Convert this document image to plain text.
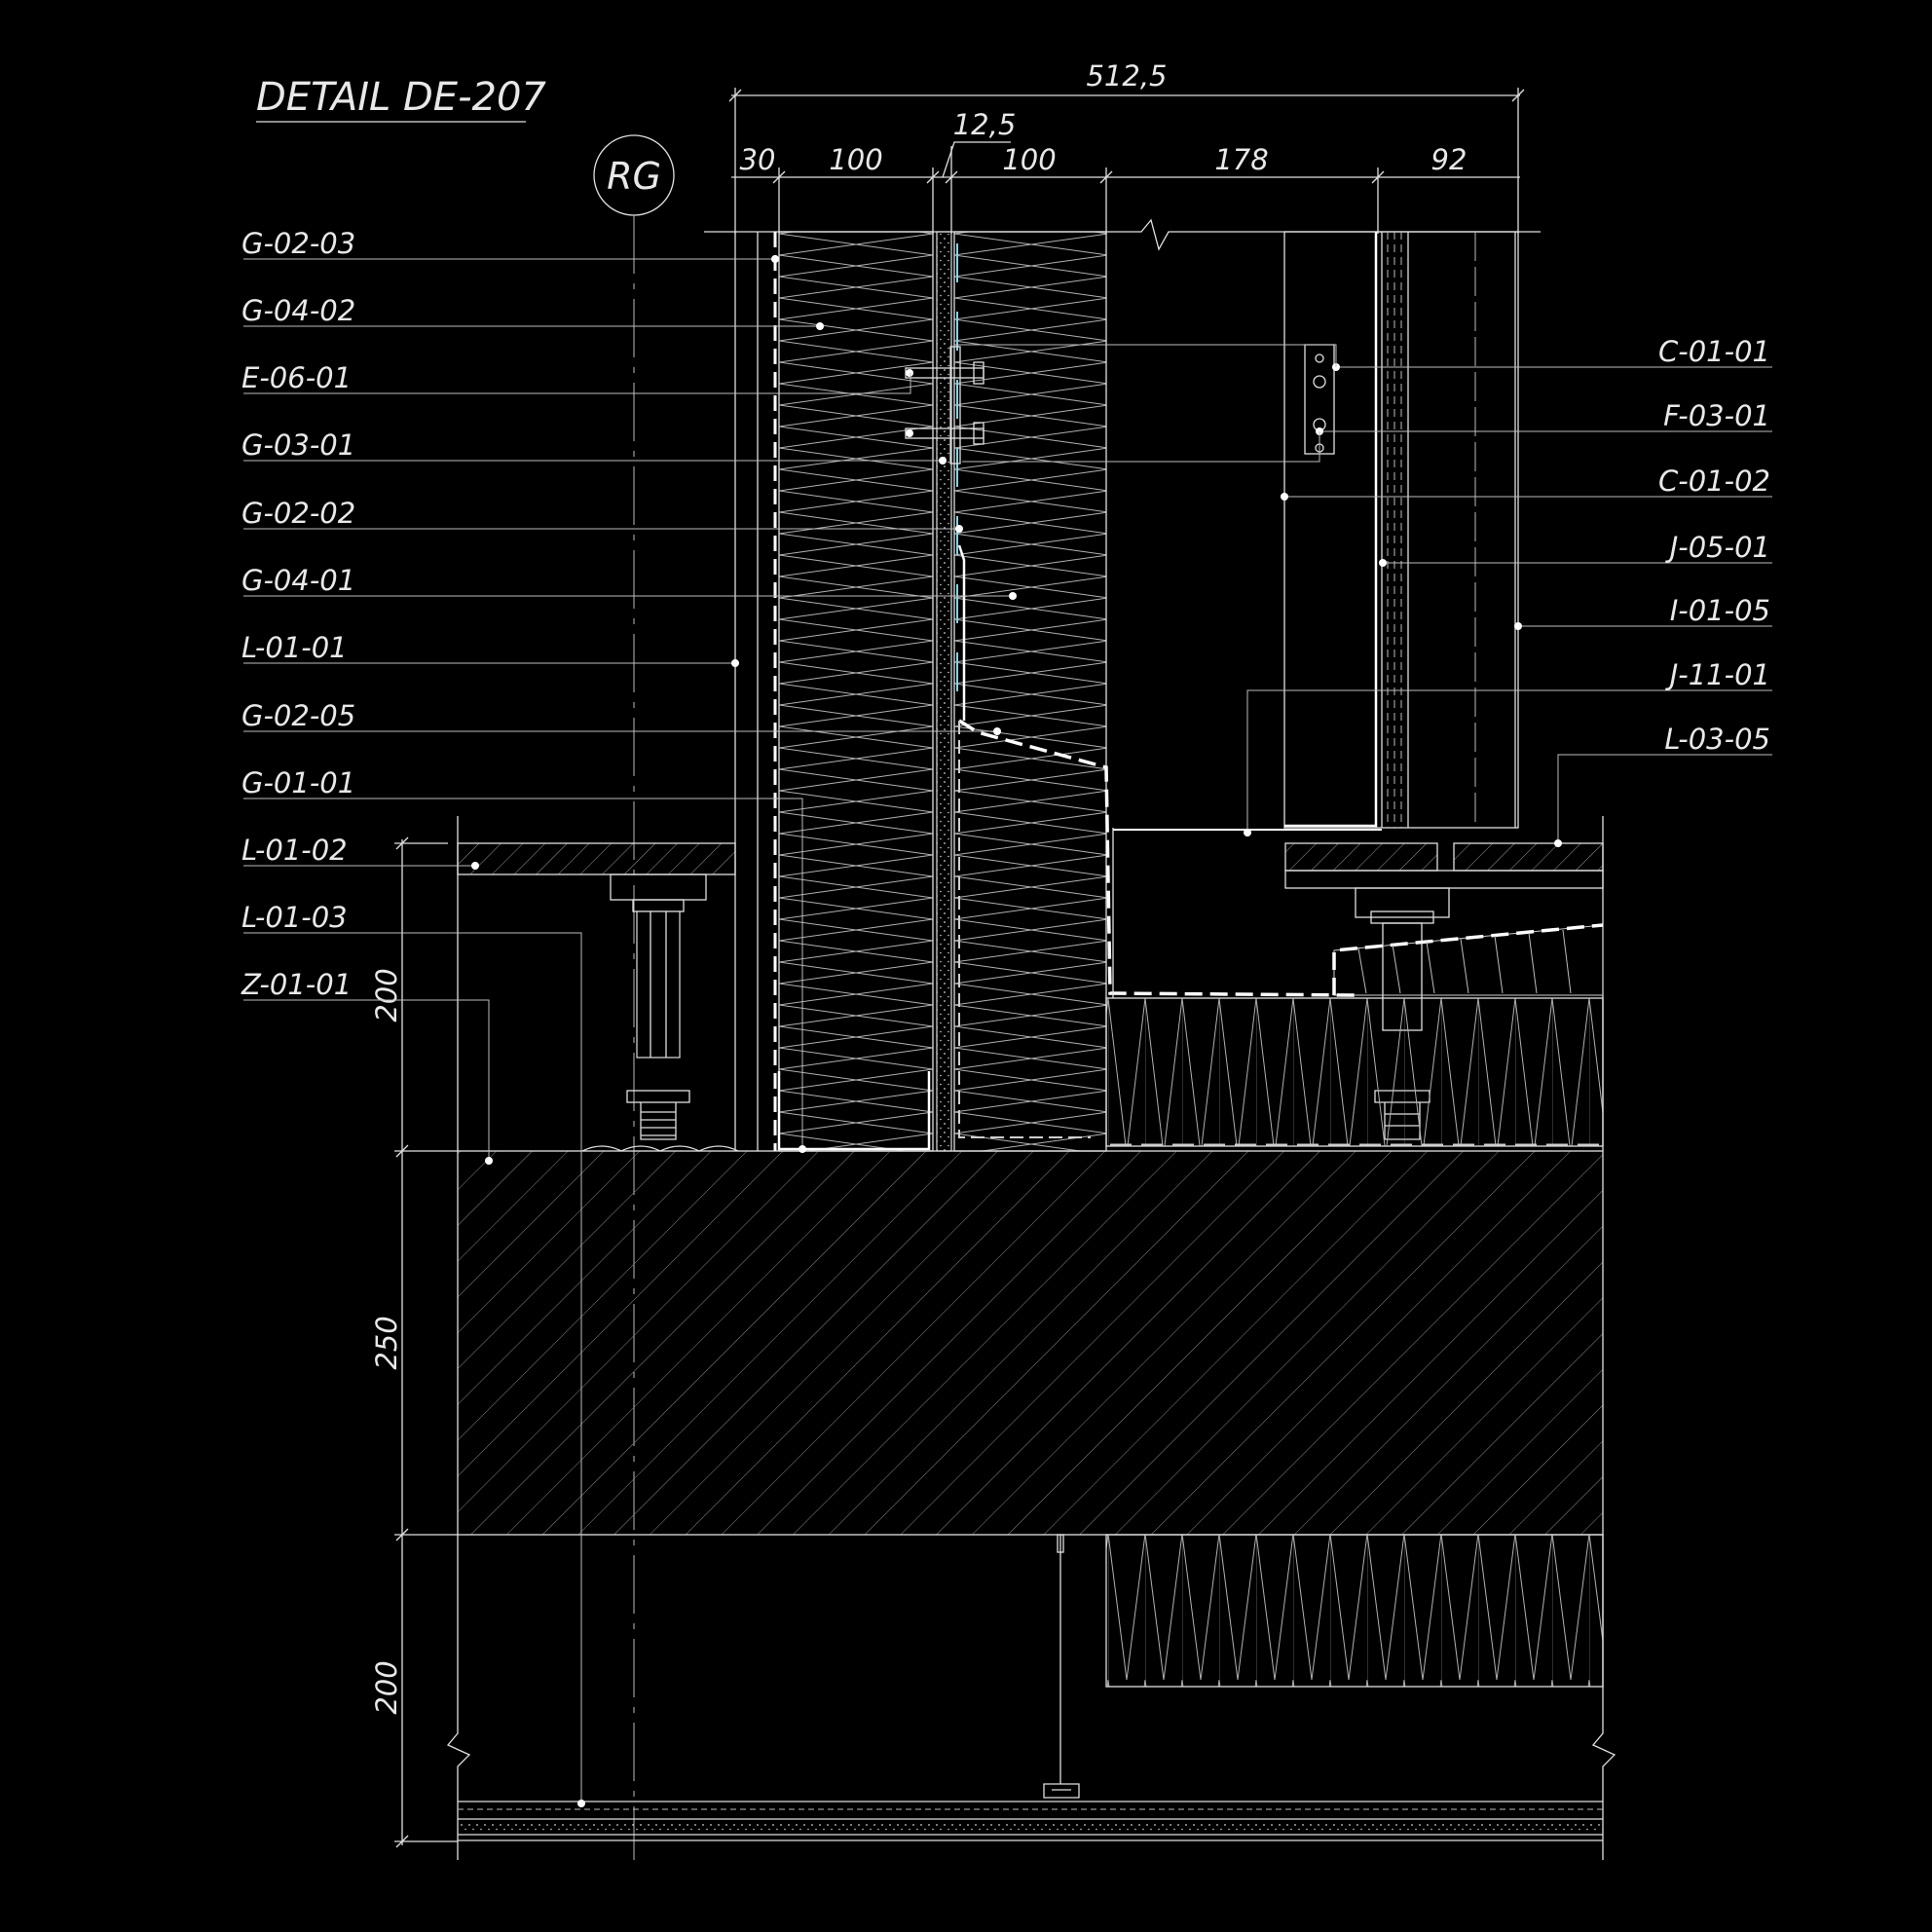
DETAIL DE-207
RG
512,5
12,5
30 100	100	178	92
200
250
200
G-02-03
G-04-02
E-06-01
G-03-01
G-02-02
G-04-01
L-01-01
G-02-05
G-01-01
L-01-02
L-01-03
Z-01-01
C-01-01
F-03-01
C-01-02
J-05-01
I-01-05
J-11-01
L-03-05
